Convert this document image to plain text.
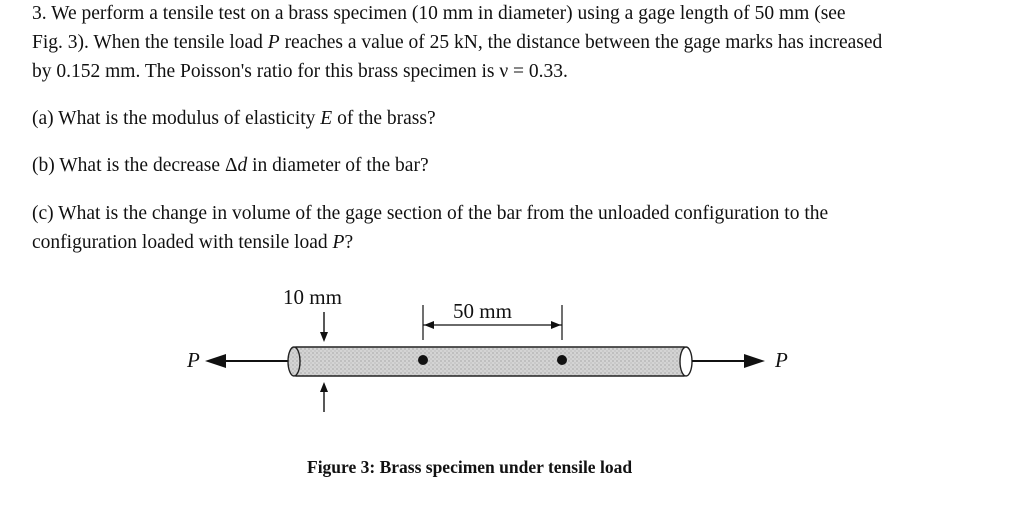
3. We perform a tensile test on a brass specimen (10 mm in diameter) using a gage length of 50 mm (see
Fig. 3). When the tensile load P reaches a value of 25 kN, the distance between the gage marks has increased
by 0.152 mm. The Poisson's ratio for this brass specimen is ν = 0.33.
(a) What is the modulus of elasticity E of the brass?
(b) What is the decrease Δd in diameter of the bar?
(c) What is the change in volume of the gage section of the bar from the unloaded configuration to the
configuration loaded with tensile load P?
10 mm
50 mm
P	P
Figure 3: Brass specimen under tensile load
